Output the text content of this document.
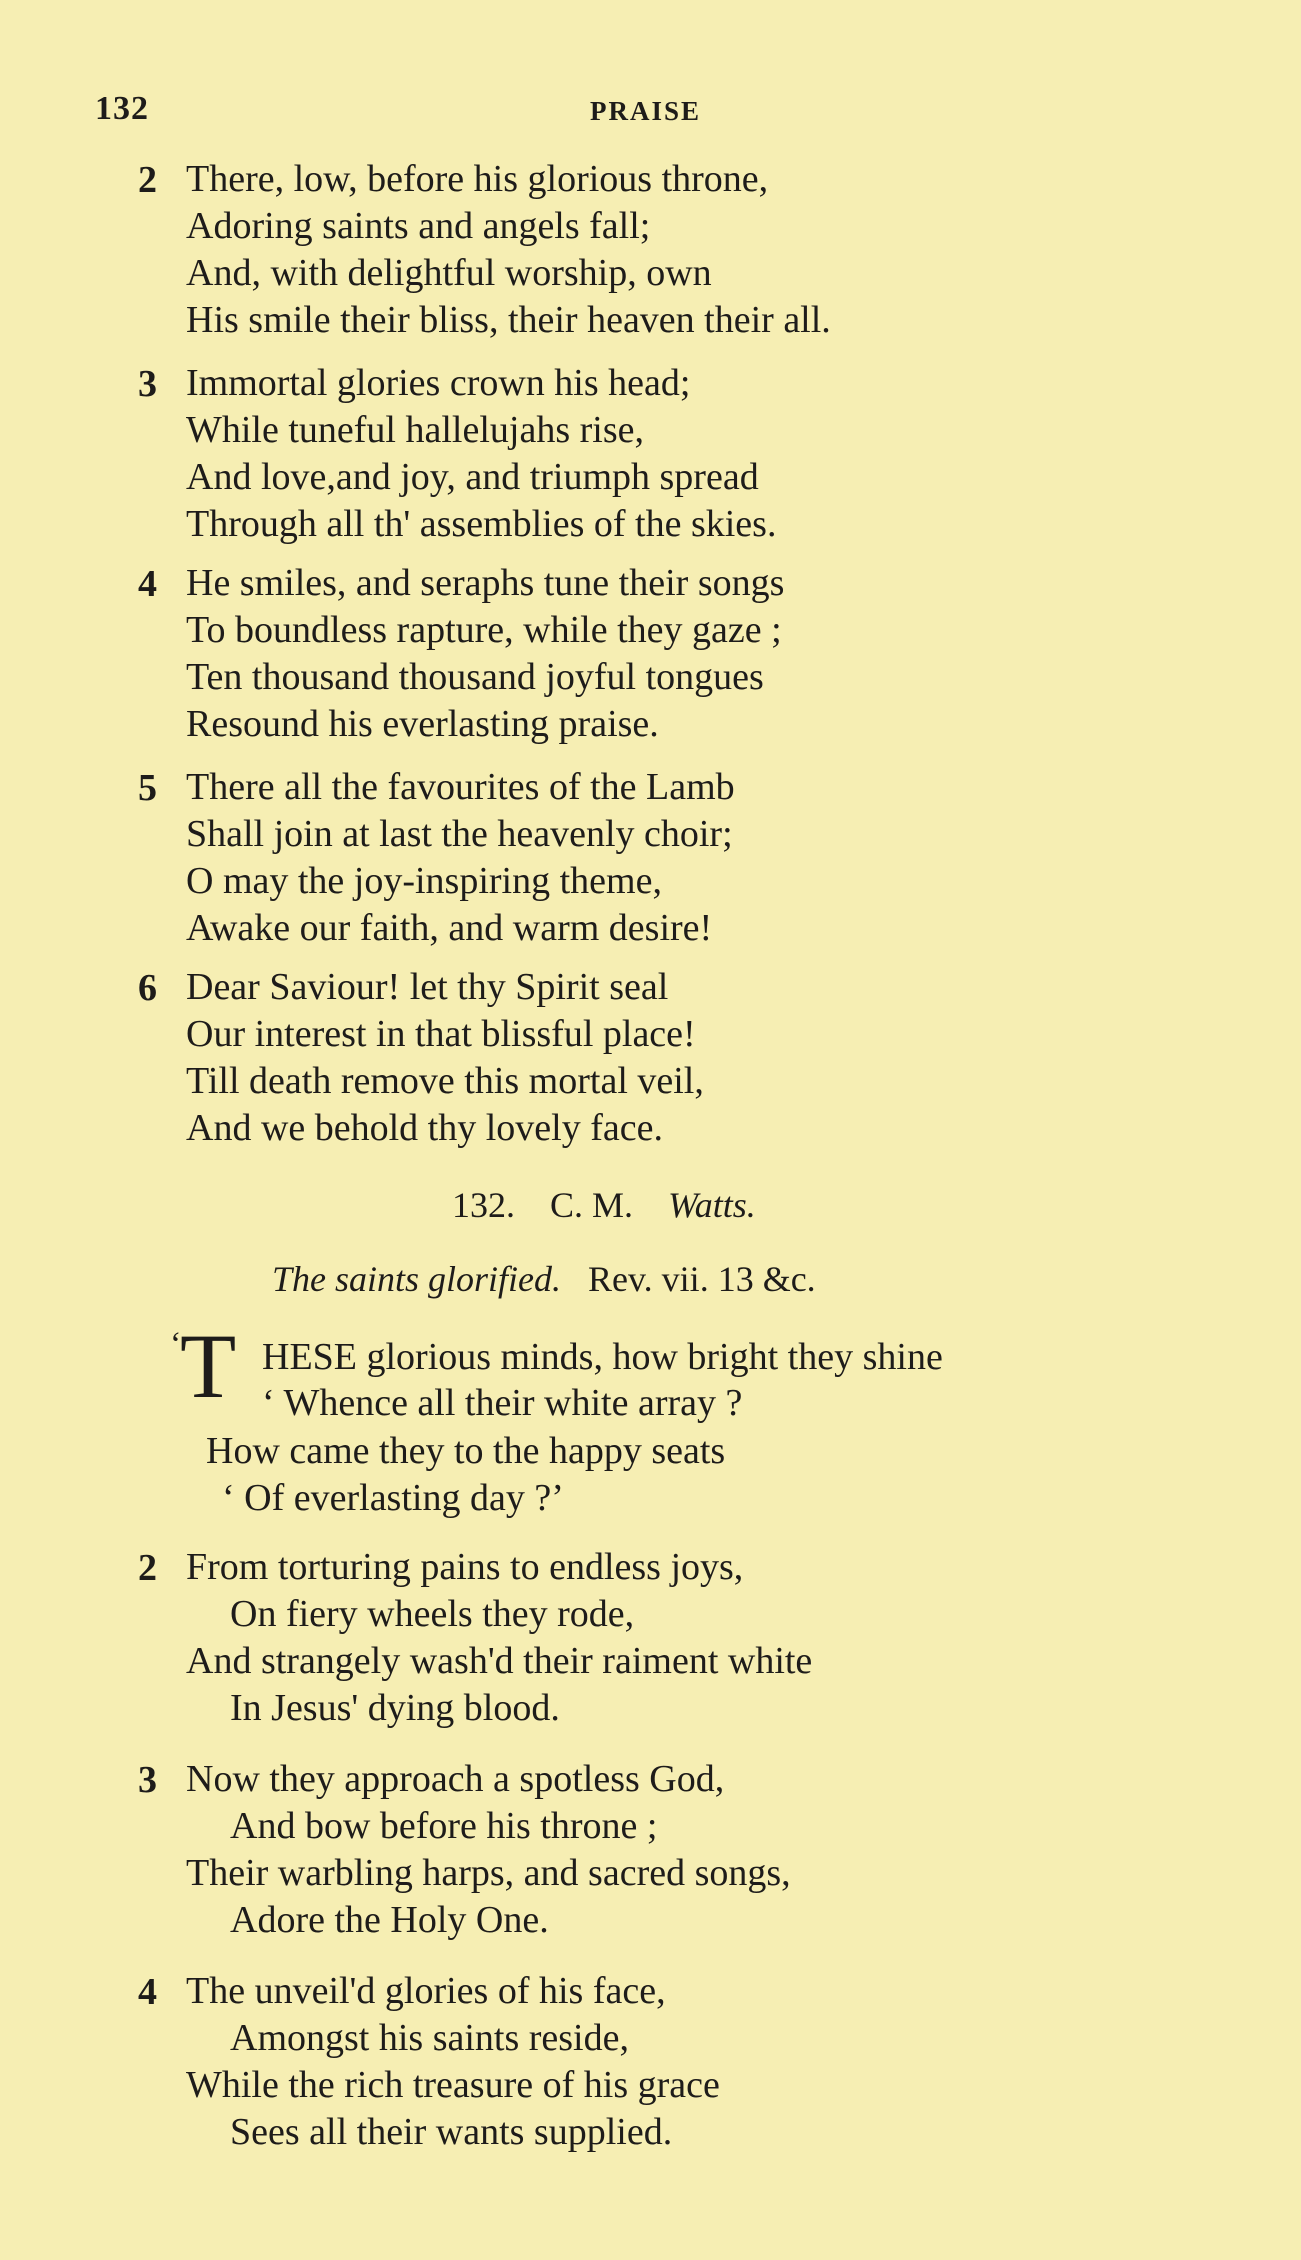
132	PRAISE
2 There, low, before his glorious throne,
Adoring saints and angels fall;
And, with delightful worship, own
His smile their bliss, their heaven their all.
3 Immortal glories crown his head;
While tuneful hallelujahs rise,
And love,and joy, and triumph spread
Through all th' assemblies of the skies.
4 He smiles, and seraphs tune their songs
To boundless rapture, while they gaze ;
Ten thousand thousand joyful tongues
Resound his everlasting praise.
5 There all the favourites of the Lamb
Shall join at last the heavenly choir;
O may the joy-inspiring theme,
Awake our faith, and warm desire!
6 Dear Saviour! let thy Spirit seal
Our interest in that blissful place!
Till death remove this mortal veil,
And we behold thy lovely face.
132. C. M. Watts.
The saints glorified. Rev. vii. 13 &c.
‘
T HESE glorious minds, how bright they shine
‘ Whence all their white array ?
How came they to the happy seats
‘ Of everlasting day ?’
2 From torturing pains to endless joys,
On fiery wheels they rode,
And strangely wash'd their raiment white
In Jesus' dying blood.
3 Now they approach a spotless God,
And bow before his throne ;
Their warbling harps, and sacred songs,
Adore the Holy One.
4 The unveil'd glories of his face,
Amongst his saints reside,
While the rich treasure of his grace
Sees all their wants supplied.
